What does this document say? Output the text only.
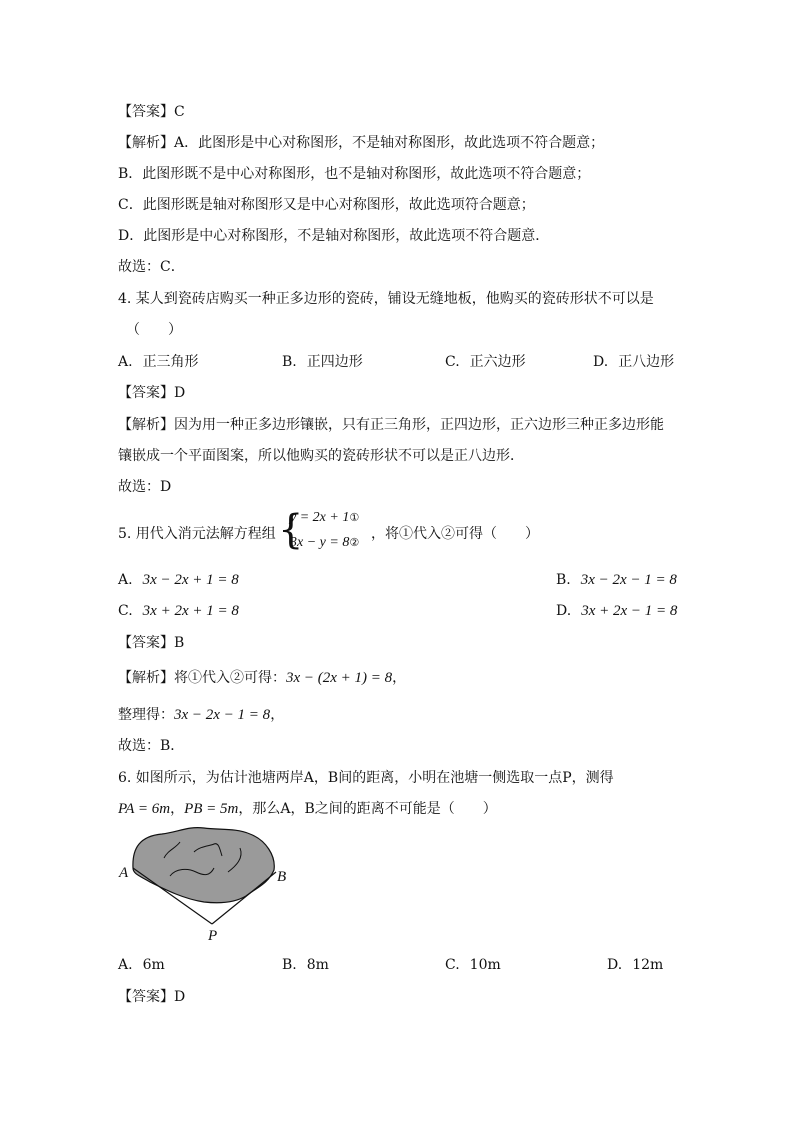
【答案】C
【解析】A．此图形是中心对称图形，不是轴对称图形，故此选项不符合题意；
B．此图形既不是中心对称图形，也不是轴对称图形，故此选项不符合题意；
C．此图形既是轴对称图形又是中心对称图形，故此选项符合题意；
D．此图形是中心对称图形，不是轴对称图形，故此选项不符合题意．
故选：C．
4. 某人到瓷砖店购买一种正多边形的瓷砖，铺设无缝地板，他购买的瓷砖形状不可以是
（　　）
A. 正三角形	B. 正四边形	C. 正六边形	D. 正八边形
【答案】D
【解析】因为用一种正多边形镶嵌，只有正三角形，正四边形，正六边形三种正多边形能
镶嵌成一个平面图案，所以他购买的瓷砖形状不可以是正八边形．
故选：D
5. 用代入消元法解方程组 {
y = 2x + 1①
3x − y = 8②
，将①代入②可得（　　）
A. 3x − 2x + 1 = 8	B. 3x − 2x − 1 = 8
C. 3x + 2x + 1 = 8	D. 3x + 2x − 1 = 8
【答案】B
【解析】将①代入②可得：3x − (2x + 1) = 8，
整理得：3x − 2x − 1 = 8，
故选：B．
6. 如图所示，为估计池塘两岸A，B间的距离，小明在池塘一侧选取一点P，测得
PA = 6m，PB = 5m，那么A，B之间的距离不可能是（　　）
A	B
P
A. 6m	B. 8m	C. 10m	D. 12m
【答案】D
